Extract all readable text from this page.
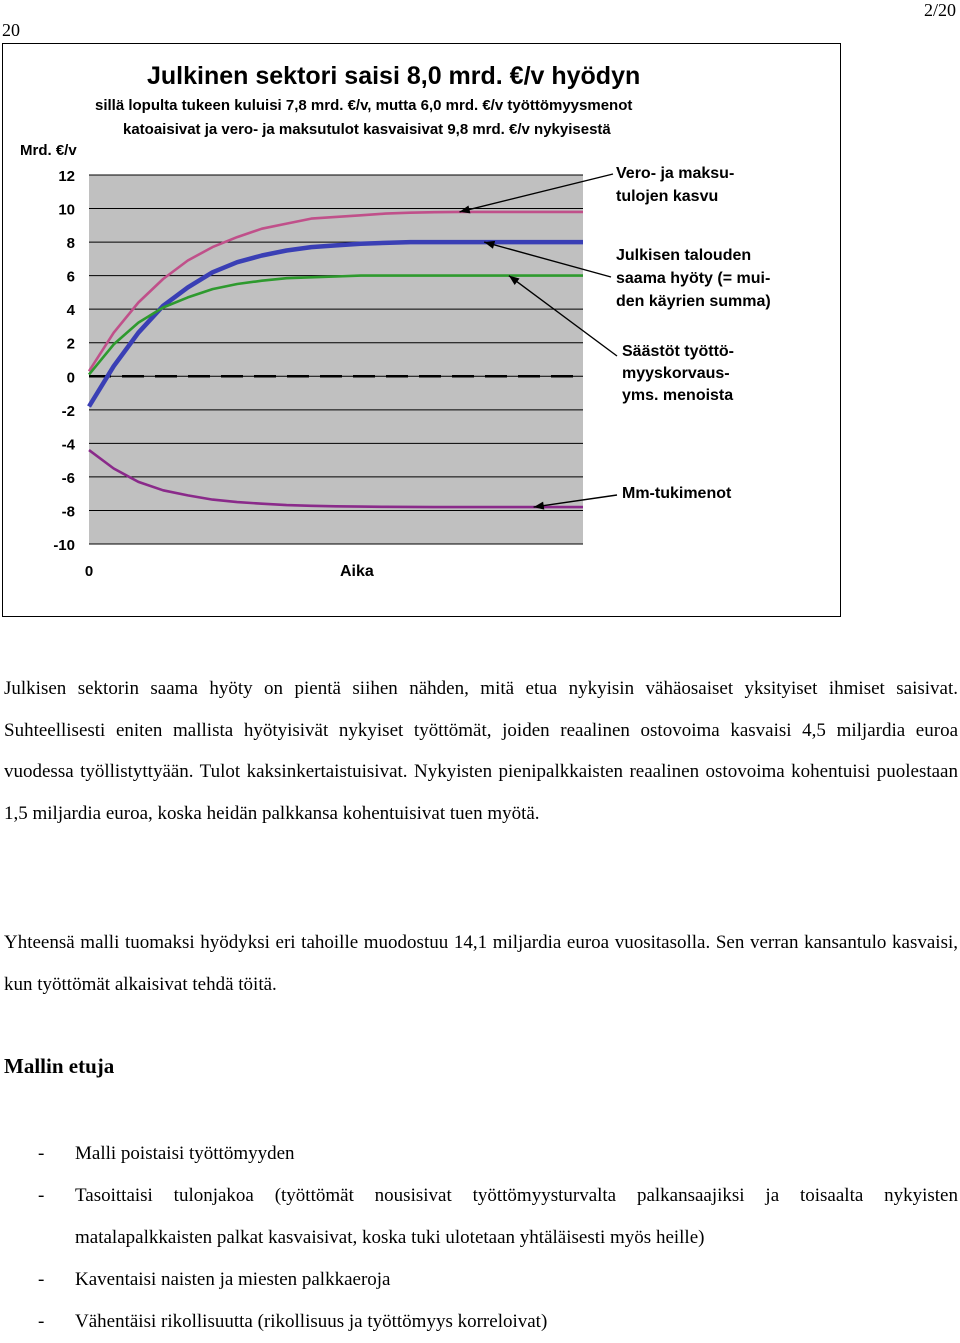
20
2/20
Julkinen sektori saisi 8,0 mrd. €/v hyödyn
sillä lopulta tukeen kuluisi 7,8 mrd. €/v, mutta 6,0 mrd. €/v työttömyysmenot
katoaisivat ja vero- ja maksutulot kasvaisivat 9,8 mrd. €/v nykyisestä
Mrd. €/v
Aika
12
10
8
6
4
2
0
-2
-4
-6
-8
-10
0
Vero- ja maksu-
tulojen kasvu
Julkisen talouden
saama hyöty (= mui-
den käyrien summa)
Säästöt työttö-
myyskorvaus-
yms. menoista
Mm-tukimenot

Julkisen sektorin saama hyöty on pientä siihen nähden, mitä etua nykyisin vähäosaiset yksityiset ihmiset saisivat. Suhteellisesti eniten mallista hyötyisivät nykyiset työttömät, joiden reaalinen ostovoima kasvaisi 4,5 miljardia euroa vuodessa työllistyttyään. Tulot kaksinkertaistuisivat. Nykyisten pienipalkkaisten reaalinen ostovoima kohentuisi puolestaan 1,5 miljardia euroa, koska heidän palkkansa kohentuisivat tuen myötä.

Yhteensä malli tuomaksi hyödyksi eri tahoille muodostuu 14,1 miljardia euroa vuositasolla. Sen verran kansantulo kasvaisi, kun työttömät alkaisivat tehdä töitä.

Mallin etuja

- Malli poistaisi työttömyyden
- Tasoittaisi tulonjakoa (työttömät nousisivat työttömyysturvalta palkansaajiksi ja toisaalta nykyisten matalapalkkaisten palkat kasvaisivat, koska tuki ulotetaan yhtäläisesti myös heille)
- Kaventaisi naisten ja miesten palkkaeroja
- Vähentäisi rikollisuutta (rikollisuus ja työttömyys korreloivat)
